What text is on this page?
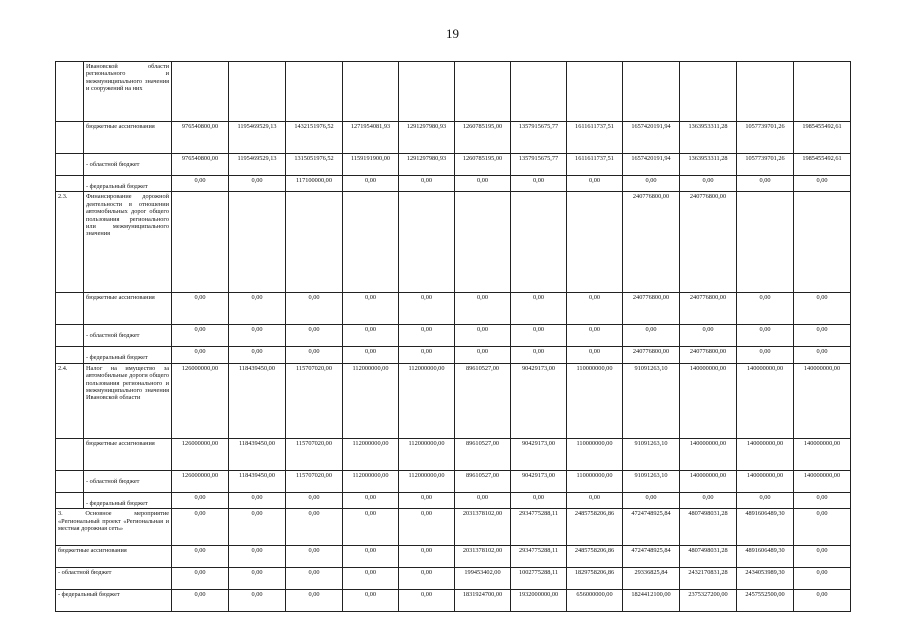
19
	Ивановской области регионального и межмуниципального значения и сооружений на них													
	бюджетные ассигнования	976540800,00	1195469529,13	1432151976,52	1271954081,93	1291297980,93	1260785195,00	1357915675,77	1611611737,51	1657420191,94	1363953311,28	1057739701,26	1985455492,61	
	- областной бюджет	976540800,00	1195469529,13	1315051976,52	1159191900,00	1291297980,93	1260785195,00	1357915675,77	1611611737,51	1657420191,94	1363953311,28	1057739701,26	1985455492,61	
	- федеральный бюджет	0,00	0,00	117100000,00	0,00	0,00	0,00	0,00	0,00	0,00	0,00	0,00	0,00	
2.3.	Финансирование дорожной деятельности в отношении автомобильных дорог общего пользования регионального или межмуниципального значения									240776800,00	240776800,00			
	бюджетные ассигнования	0,00	0,00	0,00	0,00	0,00	0,00	0,00	0,00	240776800,00	240776800,00	0,00	0,00	
	- областной бюджет	0,00	0,00	0,00	0,00	0,00	0,00	0,00	0,00	0,00	0,00	0,00	0,00	
	- федеральный бюджет	0,00	0,00	0,00	0,00	0,00	0,00	0,00	0,00	240776800,00	240776800,00	0,00	0,00	
2.4.	Налог на имущество за автомобильные дороги общего пользования регионального и межмуниципального значения Ивановской области	126000000,00	118439450,00	115707020,00	112000000,00	112000000,00	89610527,00	90429173,00	110000000,00	91091263,10	140000000,00	140000000,00	140000000,00	
	бюджетные ассигнования	126000000,00	118439450,00	115707020,00	112000000,00	112000000,00	89610527,00	90429173,00	110000000,00	91091263,10	140000000,00	140000000,00	140000000,00	
	- областной бюджет	126000000,00	118439450,00	115707020,00	112000000,00	112000000,00	89610527,00	90429173,00	110000000,00	91091263,10	140000000,00	140000000,00	140000000,00	
	- федеральный бюджет	0,00	0,00	0,00	0,00	0,00	0,00	0,00	0,00	0,00	0,00	0,00	0,00	
3. Основное мероприятие «Региональный проект «Региональная и местная дорожная сеть»		0,00	0,00	0,00	0,00	0,00	2031378102,00	2934775288,11	2485758206,86	4724748925,84	4807498031,28	4891606489,30	0,00	
бюджетные ассигнования		0,00	0,00	0,00	0,00	0,00	2031378102,00	2934775288,11	2485758206,86	4724748925,84	4807498031,28	4891606489,30	0,00	
- областной бюджет		0,00	0,00	0,00	0,00	0,00	199453402,00	1002775288,11	1829758206,86	29336825,84	2432170831,28	2434053989,30	0,00	
- федеральный бюджет		0,00	0,00	0,00	0,00	0,00	1831924700,00	1932000000,00	656000000,00	1824412100,00	2375327200,00	2457552500,00	0,00	
